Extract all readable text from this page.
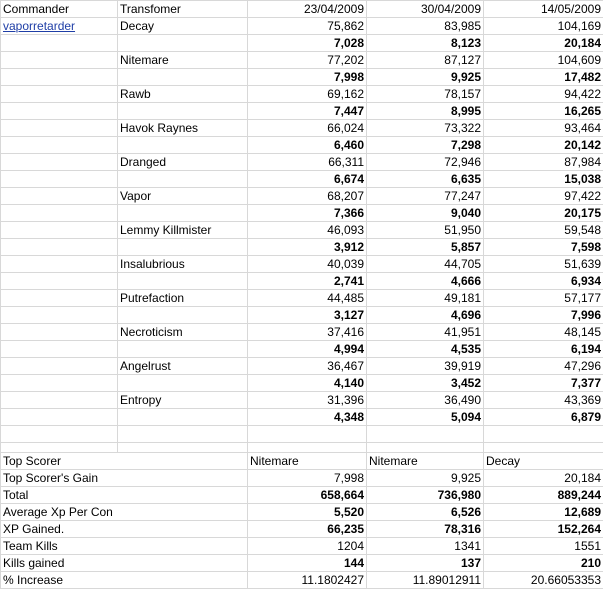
Commander	Transfomer	23/04/2009	30/04/2009	14/05/2009
vaporretarder	Decay	75,862	83,985	104,169
		7,028	8,123	20,184
	Nitemare	77,202	87,127	104,609
		7,998	9,925	17,482
	Rawb	69,162	78,157	94,422
		7,447	8,995	16,265
	Havok Raynes	66,024	73,322	93,464
		6,460	7,298	20,142
	Dranged	66,311	72,946	87,984
		6,674	6,635	15,038
	Vapor	68,207	77,247	97,422
		7,366	9,040	20,175
	Lemmy Killmister	46,093	51,950	59,548
		3,912	5,857	7,598
	Insalubrious	40,039	44,705	51,639
		2,741	4,666	6,934
	Putrefaction	44,485	49,181	57,177
		3,127	4,696	7,996
	Necroticism	37,416	41,951	48,145
		4,994	4,535	6,194
	Angelrust	36,467	39,919	47,296
		4,140	3,452	7,377
	Entropy	31,396	36,490	43,369
		4,348	5,094	6,879

Top Scorer		Nitemare	Nitemare	Decay
Top Scorer's Gain		7,998	9,925	20,184
Total		658,664	736,980	889,244
Average Xp Per Con		5,520	6,526	12,689
XP Gained.		66,235	78,316	152,264
Team Kills		1204	1341	1551
Kills gained		144	137	210
% Increase		11.1802427	11.89012911	20.66053353
